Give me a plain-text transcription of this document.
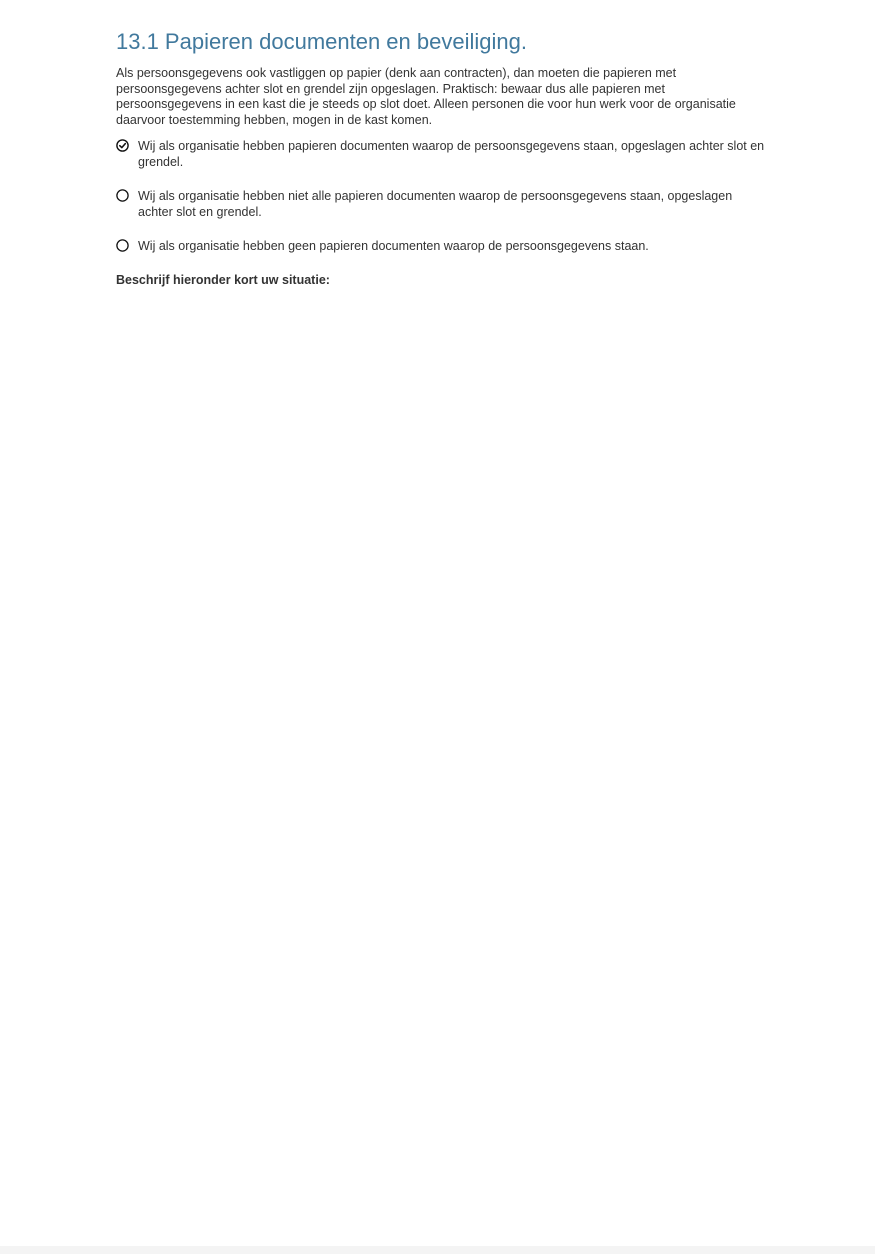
13.1 Papieren documenten en beveiliging.

Als persoonsgegevens ook vastliggen op papier (denk aan contracten), dan moeten die papieren met persoonsgegevens achter slot en grendel zijn opgeslagen. Praktisch: bewaar dus alle papieren met persoonsgegevens in een kast die je steeds op slot doet. Alleen personen die voor hun werk voor de organisatie daarvoor toestemming hebben, mogen in de kast komen.

Wij als organisatie hebben papieren documenten waarop de persoonsgegevens staan, opgeslagen achter slot en grendel.
Wij als organisatie hebben niet alle papieren documenten waarop de persoonsgegevens staan, opgeslagen achter slot en grendel.
Wij als organisatie hebben geen papieren documenten waarop de persoonsgegevens staan.
Beschrijf hieronder kort uw situatie:
